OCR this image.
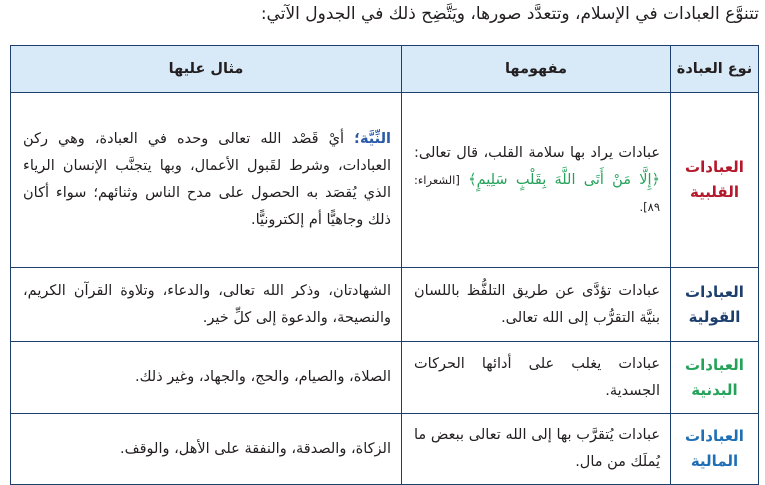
تتنوَّع العبادات في الإسلام، وتتعدَّد صورها، ويَتَّضِح ذلك في الجدول الآتي:
نوع العبادة	مفهومها	مثال عليها

العبادات
القلبية	عبادات يراد بها سلامة القلب، قال تعالى: ﴿إِلَّا مَنْ أَتَى اللَّهَ بِقَلْبٍ سَلِيمٍ﴾ [الشعراء: ٨٩].	النِّيَّة؛ أيْ قَصْد الله تعالى وحده في العبادة، وهي ركن العبادات، وشرط لقَبول الأعمال، وبها يتجنَّب الإنسان الرياء الذي يُقصَد به الحصول على مدح الناس وثنائهم؛ سواء أكان ذلك وجاهيًّا أم إلكترونيًّا.

العبادات
القولية	عبادات تؤدَّى عن طريق التلفُّظ باللسان بنيَّة التقرُّب إلى الله تعالى.	الشهادتان، وذكر الله تعالى، والدعاء، وتلاوة القرآن الكريم، والنصيحة، والدعوة إلى كلِّ خير.

العبادات
البدنية	عبادات يغلب على أدائها الحركات الجسدية.	الصلاة، والصيام، والحج، والجهاد، وغير ذلك.

العبادات
المالية	عبادات يُتقرَّب بها إلى الله تعالى ببعض ما يُملَك من مال.	الزكاة، والصدقة، والنفقة على الأهل، والوقف.
